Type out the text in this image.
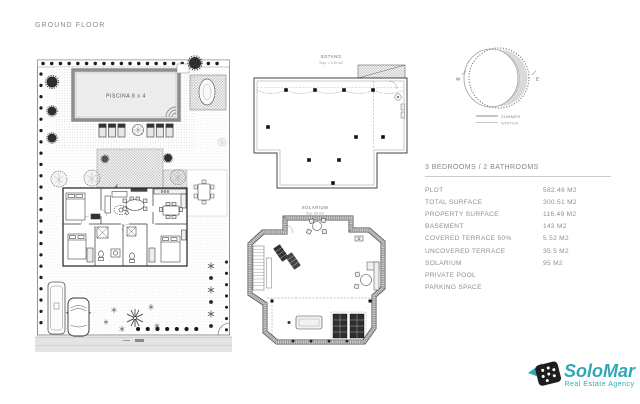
GROUND FLOOR
PISCINA 8 x 4
SOTANO
Sup. = 143 m2
SOLARIUM
Sup. 95 m2
W	E
SUMMER
WINTER
3 BEDROOMS / 2 BATHROOMS
PLOT	582.46 M2
TOTAL SURFACE	300.51 M2
PROPERTY SURFACE	116.49 M2
BASEMENT	143 M2
COVERED TERRACE 50%	5.52 M2
UNCOVERED TERRACE	35.5 M2
SOLARIUM	95 M2
PRIVATE POOL
PARKING SPACE
SoloMar
Real Estate Agency
